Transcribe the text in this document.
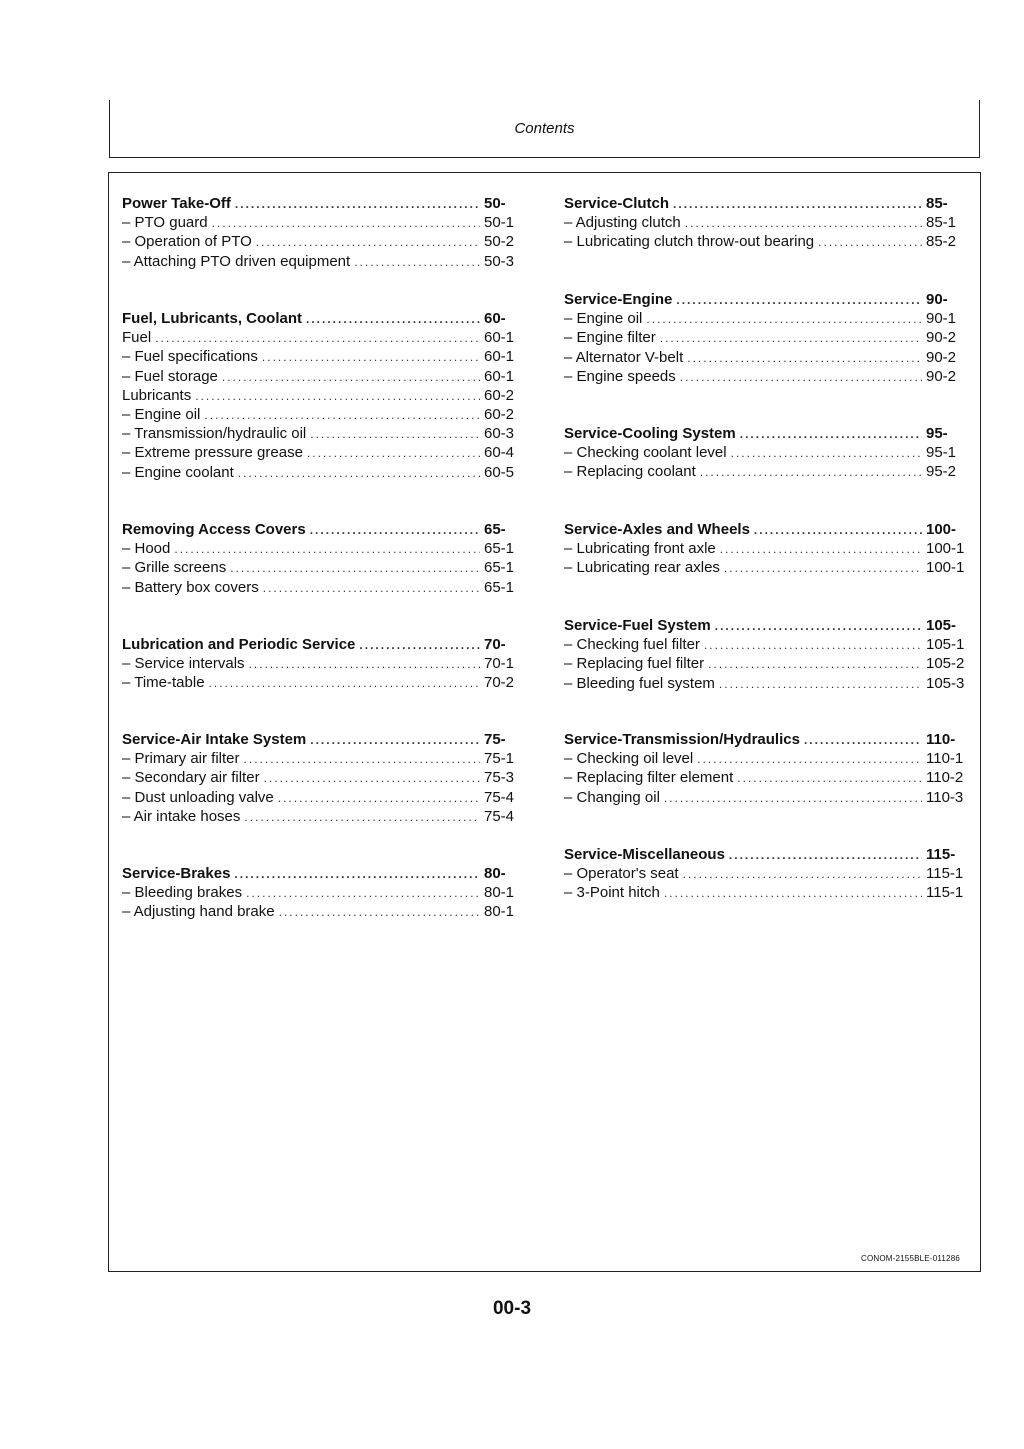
Contents
CONOM-2155BLE-011286
Power Take-Off .....	50-
– PTO guard .....	50-1
– Operation of PTO .....	50-2
– Attaching PTO driven equipment .....	50-3
Fuel, Lubricants, Coolant .....	60-
Fuel .....	60-1
– Fuel specifications .....	60-1
– Fuel storage .....	60-1
Lubricants .....	60-2
– Engine oil .....	60-2
– Transmission/hydraulic oil .....	60-3
– Extreme pressure grease .....	60-4
– Engine coolant .....	60-5
Removing Access Covers .....	65-
– Hood .....	65-1
– Grille screens .....	65-1
– Battery box covers .....	65-1
Lubrication and Periodic Service .....	70-
– Service intervals .....	70-1
– Time-table .....	70-2
Service-Air Intake System .....	75-
– Primary air filter .....	75-1
– Secondary air filter .....	75-3
– Dust unloading valve .....	75-4
– Air intake hoses .....	75-4
Service-Brakes .....	80-
– Bleeding brakes .....	80-1
– Adjusting hand brake .....	80-1
Service-Clutch .....	85-
– Adjusting clutch .....	85-1
– Lubricating clutch throw-out bearing .....	85-2
Service-Engine .....	90-
– Engine oil .....	90-1
– Engine filter .....	90-2
– Alternator V-belt .....	90-2
– Engine speeds .....	90-2
Service-Cooling System .....	95-
– Checking coolant level .....	95-1
– Replacing coolant .....	95-2
Service-Axles and Wheels .....	100-
– Lubricating front axle .....	100-1
– Lubricating rear axles .....	100-1
Service-Fuel System .....	105-
– Checking fuel filter .....	105-1
– Replacing fuel filter .....	105-2
– Bleeding fuel system .....	105-3
Service-Transmission/Hydraulics .....	110-
– Checking oil level .....	110-1
– Replacing filter element .....	110-2
– Changing oil .....	110-3
Service-Miscellaneous .....	115-
– Operator's seat .....	115-1
– 3-Point hitch .....	115-1
00-3
